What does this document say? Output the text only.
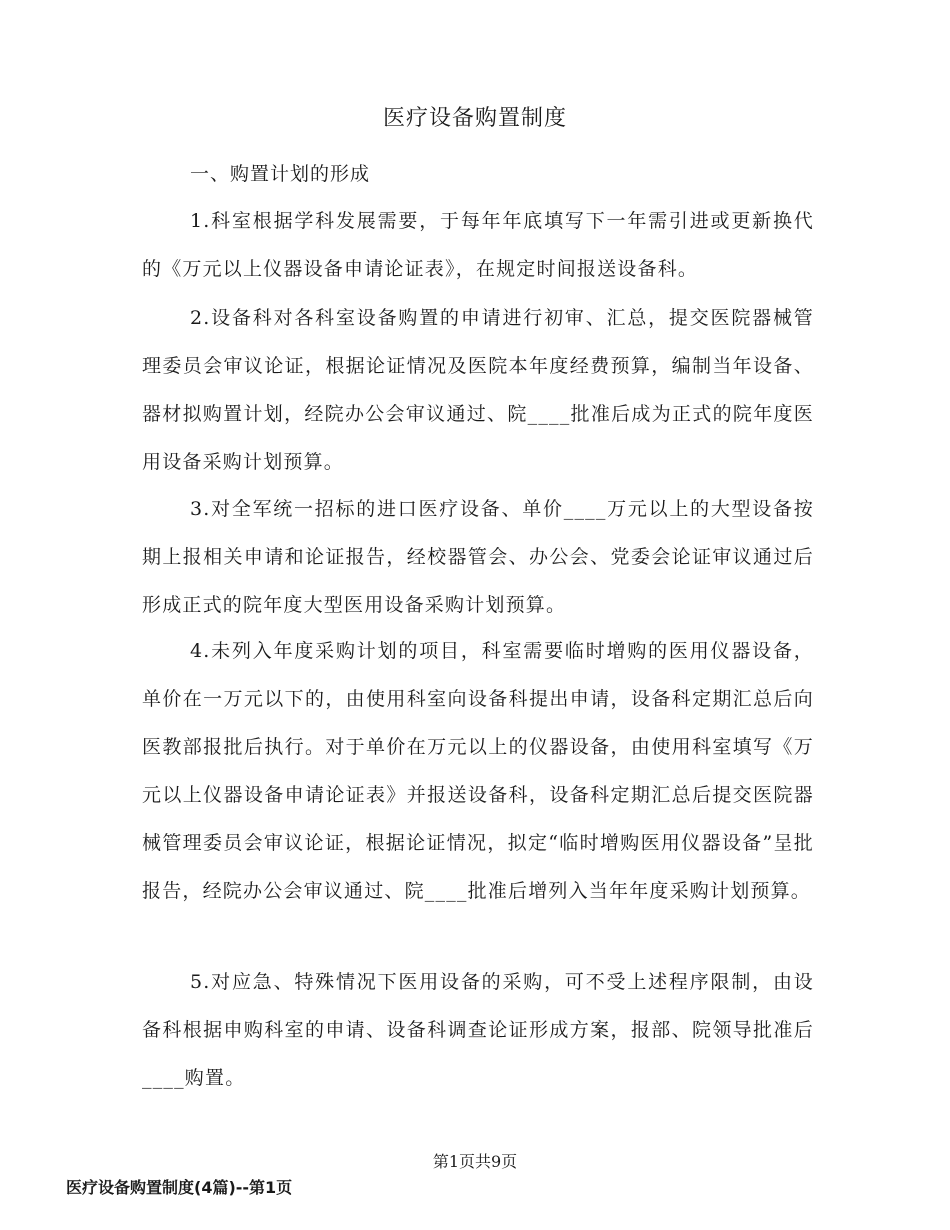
医疗设备购置制度
一、购置计划的形成
1.科室根据学科发展需要，于每年年底填写下一年需引进或更新换代的《万元以上仪器设备申请论证表》，在规定时间报送设备科。
2.设备科对各科室设备购置的申请进行初审、汇总，提交医院器械管理委员会审议论证，根据论证情况及医院本年度经费预算，编制当年设备、器材拟购置计划，经院办公会审议通过、院____批准后成为正式的院年度医用设备采购计划预算。
3.对全军统一招标的进口医疗设备、单价____万元以上的大型设备按期上报相关申请和论证报告，经校器管会、办公会、党委会论证审议通过后形成正式的院年度大型医用设备采购计划预算。
4.未列入年度采购计划的项目，科室需要临时增购的医用仪器设备，单价在一万元以下的，由使用科室向设备科提出申请，设备科定期汇总后向医教部报批后执行。对于单价在万元以上的仪器设备，由使用科室填写《万元以上仪器设备申请论证表》并报送设备科，设备科定期汇总后提交医院器械管理委员会审议论证，根据论证情况，拟定“临时增购医用仪器设备”呈批报告，经院办公会审议通过、院____批准后增列入当年年度采购计划预算。
5.对应急、特殊情况下医用设备的采购，可不受上述程序限制，由设备科根据申购科室的申请、设备科调查论证形成方案，报部、院领导批准后____购置。
第1页共9页
医疗设备购置制度(4篇)--第1页
